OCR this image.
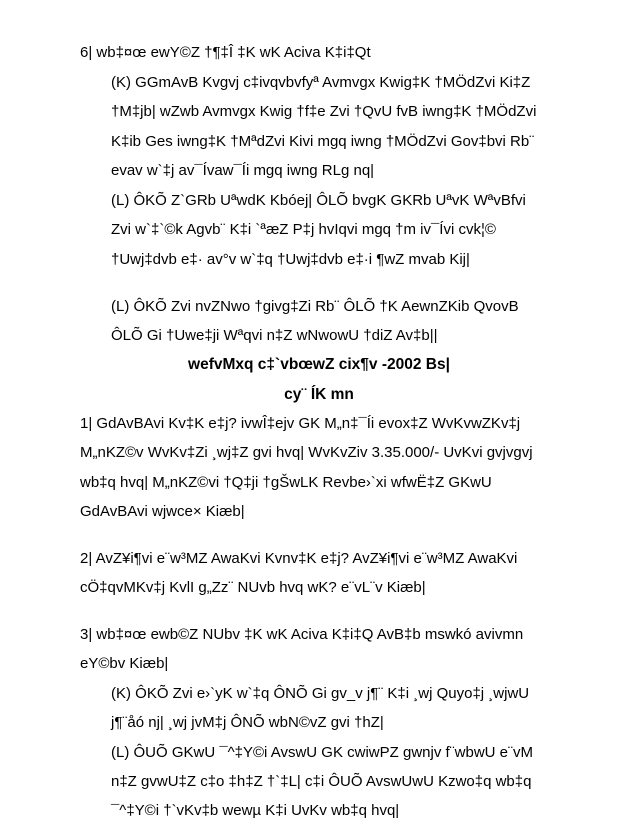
6| wb‡¤œ ewY©Z †¶‡Î ‡K wK Aciva K‡i‡Qt
(K) GGmAvB Kvgvj c‡ivqvbvfyª Avmvgx Kwig‡K †MÖdZvi Ki‡Z
†M‡jb| wZwb Avmvgx Kwig †f‡e Zvi †QvU fvB iwng‡K †MÖdZvi
K‡ib Ges iwng‡K †MªdZvi Kivi mgq iwng †MÖdZvi Gov‡bvi Rb¨
evav w`‡j av¯Ívaw¯Íi mgq iwng RLg nq|
(L) ÔKÕ Z`GRb UªwdK Kbóej| ÔLÕ bvgK GKRb UªvK WªvBfvi
Zvi w`‡`©k Agvb¨ K‡i `ªæZ P‡j hvIqvi mgq †m iv¯Ívi cvk¦©
†Uwj‡dvb e‡· av°v w`‡q †Uwj‡dvb e‡·i ¶wZ mvab Kij|
(L) ÔKÕ Zvi nvZNwo †givg‡Zi Rb¨ ÔLÕ †K AewnZKib QvovB
ÔLÕ Gi †Uwe‡ji Wªqvi n‡Z wNwowU †diZ Av‡b||
wefvMxq c‡`vbœwZ cix¶v -2002 Bs|
cy¨ ÍK mn
1| GdAvBAvi Kv‡K e‡j? ivwÎ‡ejv GK M„n‡¯Íi evox‡Z WvKvwZKv‡j
M„nKZ©v WvKv‡Zi ¸wj‡Z gvi hvq| WvKvZiv 3.35.000/- UvKvi gvjvgvj
wb‡q hvq| M„nKZ©vi †Q‡ji †gŠwLK Revbe›`xi wfwË‡Z GKwU
GdAvBAvi wjwce× Kiæb|
2| AvZ¥i¶vi e¨w³MZ AwaKvi Kvnv‡K e‡j? AvZ¥i¶vi e¨w³MZ AwaKvi
cÖ‡qvMKv‡j KvlI g„Zz¨ NUvb hvq wK? e¨vL¨v Kiæb|
3| wb‡¤œ ewb©Z NUbv ‡K wK Aciva K‡i‡Q AvB‡b mswkó avivmn
eY©bv Kiæb|
(K) ÔKÕ Zvi e›`yK w`‡q ÔNÕ Gi gv_v j¶¨ K‡i ¸wj Quyo‡j ¸wjwU
j¶¨åó nj| ¸wj jvM‡j ÔNÕ wbN©vZ gvi †hZ|
(L) ÔUÕ GKwU ¯^‡Y©i AvswU GK cwiwPZ gwnjv f¨wbwU e¨vM
n‡Z gvwU‡Z c‡o ‡h‡Z †`‡L| c‡i ÔUÕ AvswUwU Kzwo‡q wb‡q
¯^‡Y©i †`vKv‡b wewµ K‡i UvKv wb‡q hvq|
